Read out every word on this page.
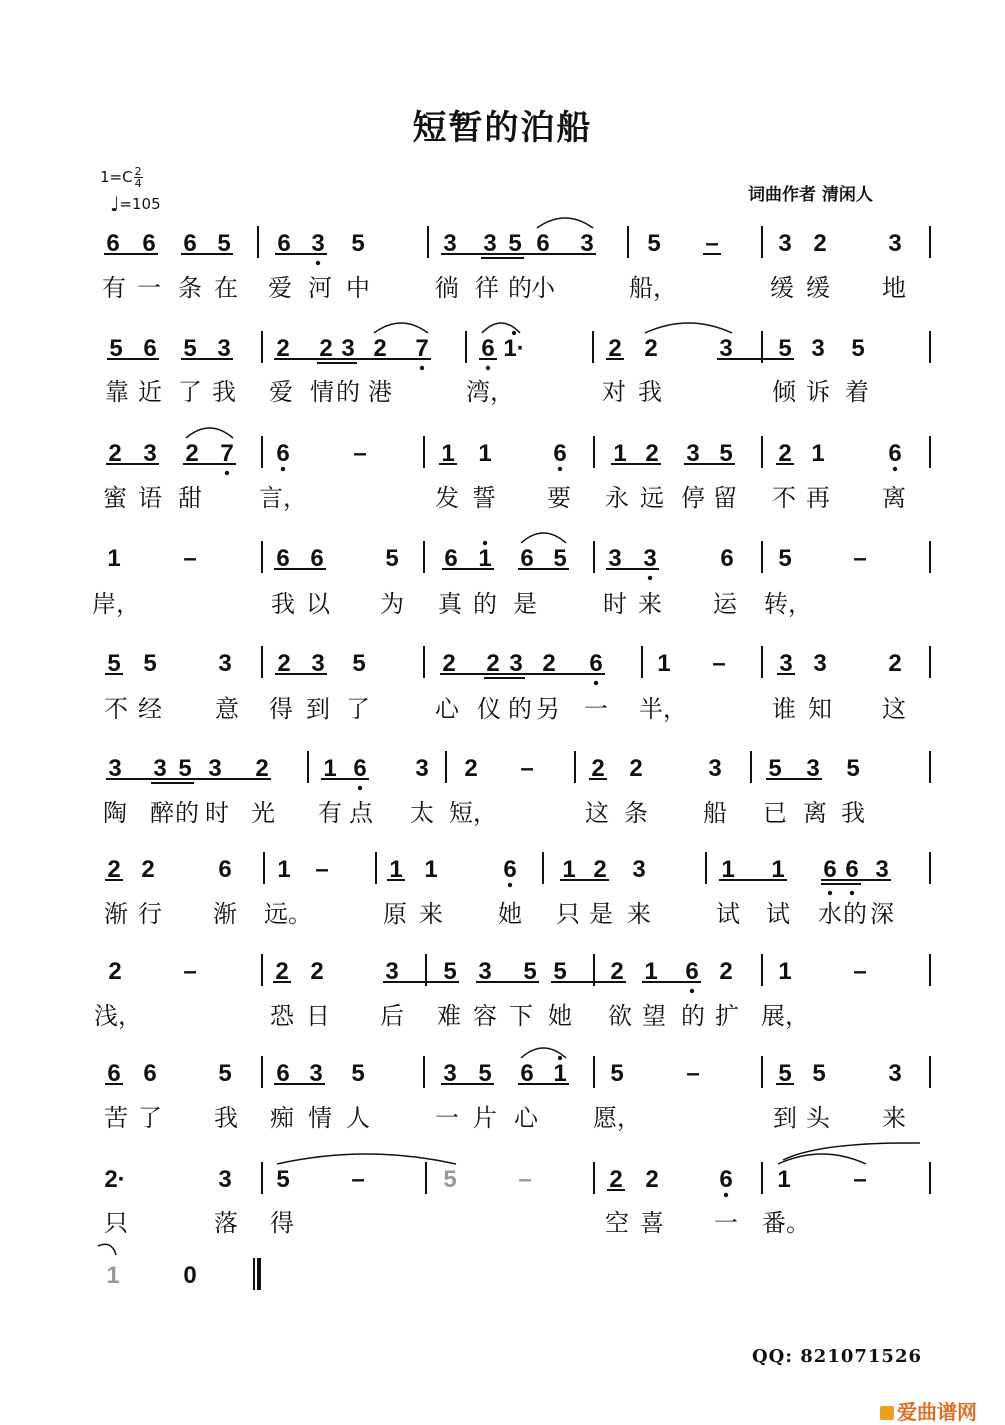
短暂的泊船
$1=C \frac{2}{4}$
♩=105	词曲作者 清闲人
6 6 6 5 6 3 5	3 3 5 6 3 5 – 3 2	3
有 一 条 在 爱 河 中	徜 徉 的 小	船，	缓 缓 地
5 6 5 3 2 2 3 2 7 6 1·	2 2	3 5 3 5
靠 近 了 我 爱 情 的 港	湾，	对 我	倾 诉 着
2 3 2 7 6	–	1 1	6 1 2 3 5 2 1	6
蜜 语 甜 言，	发 誓 要 永 远 停 留 不 再 离
1	–	6 6	5 6 1 6 5 3 3	6 5	–
岸，	我 以 为 真 的 是	时 来 运 转，
5 5	3 2 3 5	2 2 3 2 6 1 – 3 3	2
不 经 意 得 到 了	心 仪 的 另 一 半，	谁 知 这
3 3 5 3 2 1 6 3 2 – 2 2	3 5 3 5
陶 醉 的 时 光 有 点 太 短，	这 条 船 已 离 我
2 2	6 1 –	1 1	6 1 2 3	1 1 6 6 3
渐 行 渐 远。	原 来 她 只 是 来	试 试 水 的 深
2	–	2 2	3 5 3 5 5 2 1 6 2 1	–
浅，	恐 日 后 难 容 下 她 欲 望 的 扩 展，
6 6	5 6 3 5	3 5 6 1 5	–	5 5	3
苦 了 我 痴 情 人	一 片 心 愿，	到 头 来
2·	3 5	–	5	–	2 2	6 1	–
只	落 得	空 喜 一 番。
1	0
QQ: 821071526
爱曲谱网
